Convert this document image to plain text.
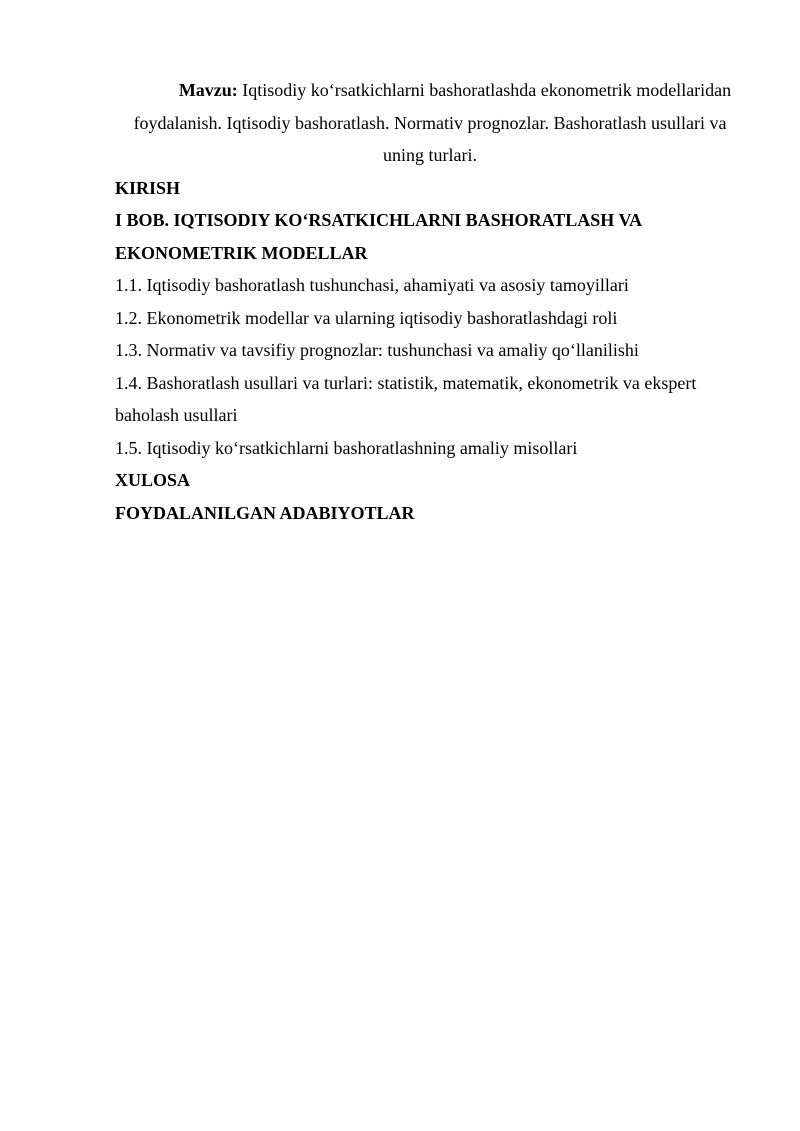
Mavzu: Iqtisodiy ko‘rsatkichlarni bashoratlashda ekonometrik modellaridan foydalanish. Iqtisodiy bashoratlash. Normativ prognozlar. Bashoratlash usullari va uning turlari.

KIRISH

I BOB. IQTISODIY KO‘RSATKICHLARNI BASHORATLASH VA EKONOMETRIK MODELLAR

1.1. Iqtisodiy bashoratlash tushunchasi, ahamiyati va asosiy tamoyillari

1.2. Ekonometrik modellar va ularning iqtisodiy bashoratlashdagi roli

1.3. Normativ va tavsifiy prognozlar: tushunchasi va amaliy qo‘llanilishi

1.4. Bashoratlash usullari va turlari: statistik, matematik, ekonometrik va ekspert baholash usullari

1.5. Iqtisodiy ko‘rsatkichlarni bashoratlashning amaliy misollari

XULOSA

FOYDALANILGAN ADABIYOTLAR
